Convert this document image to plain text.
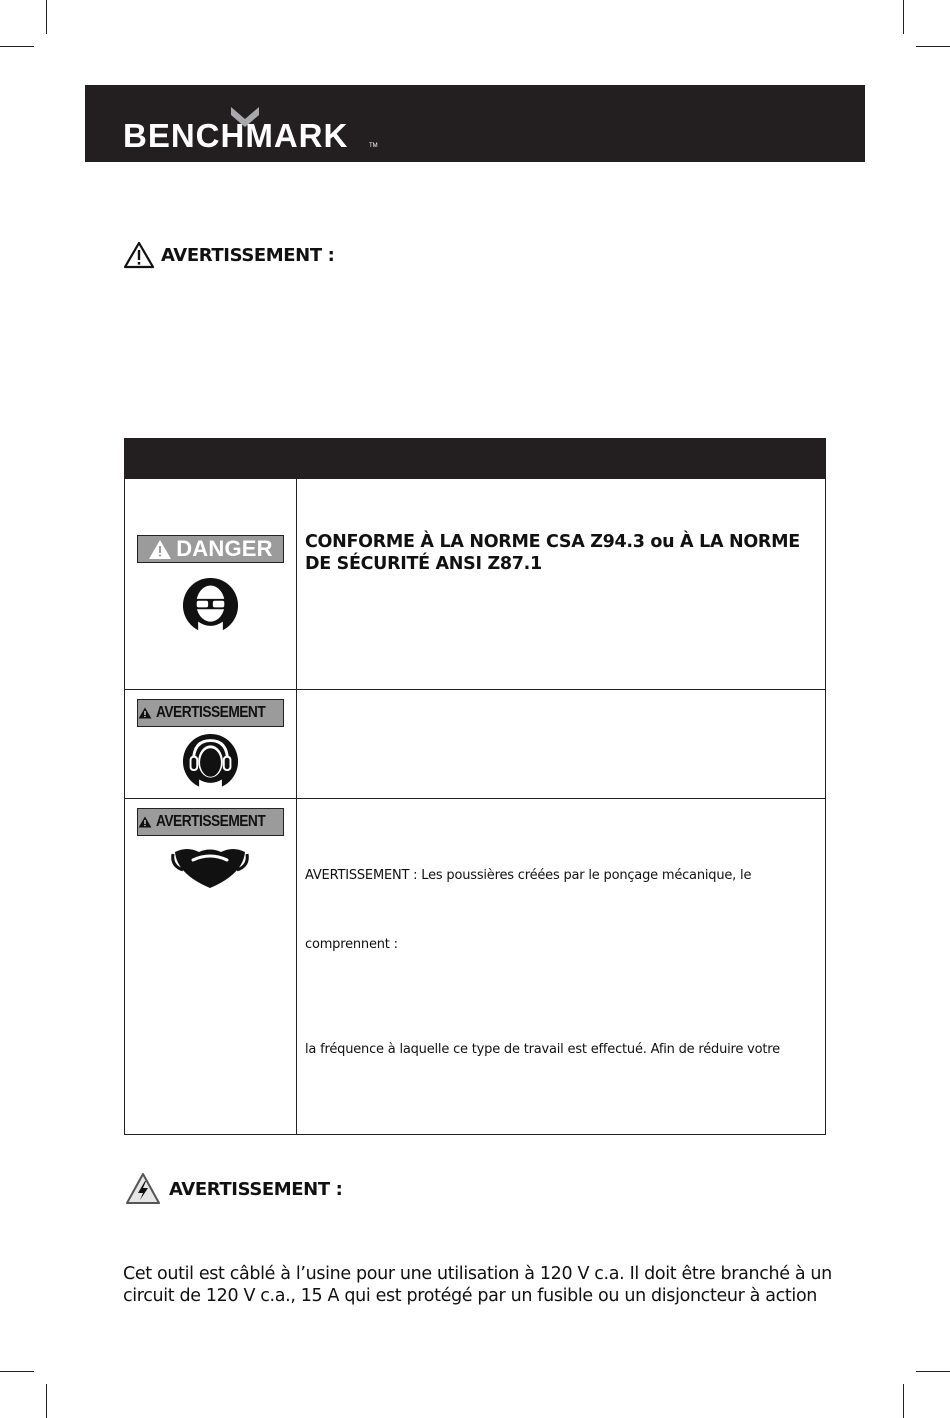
BENCHMARK	TM
AVERTISSEMENT :
DANGER CONFORME À LA NORME CSA Z94.3 ou À LA NORME DE SÉCURITÉ ANSI Z87.1
AVERTISSEMENT
AVERTISSEMENT
AVERTISSEMENT : Les poussières créées par le ponçage mécanique, le
comprennent :
la fréquence à laquelle ce type de travail est effectué. Afin de réduire votre
AVERTISSEMENT :
Cet outil est câblé à l’usine pour une utilisation à 120 V c.a. Il doit être branché à un
circuit de 120 V c.a., 15 A qui est protégé par un fusible ou un disjoncteur à action
